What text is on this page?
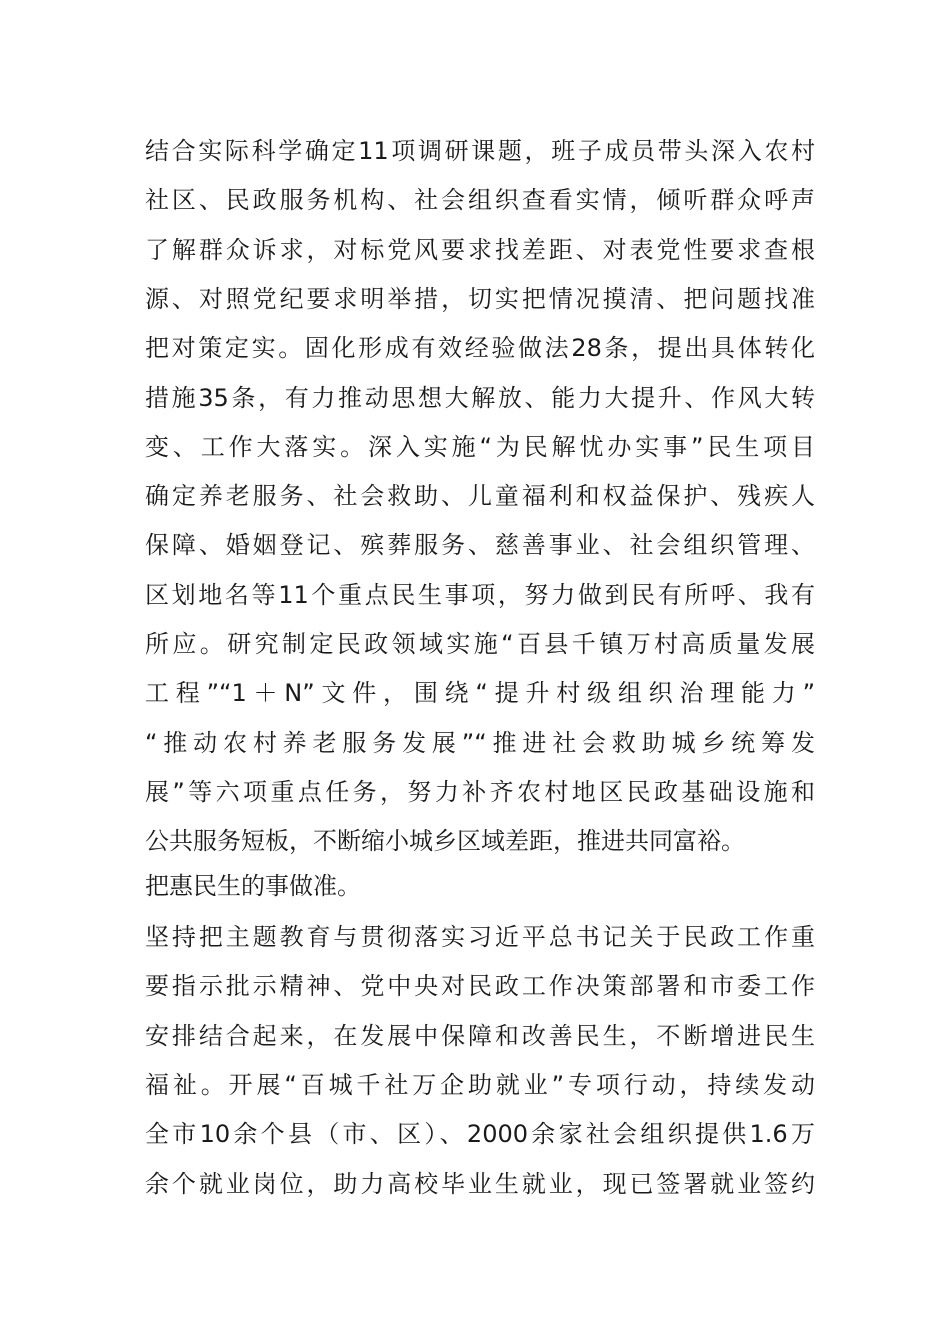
结合实际科学确定11项调研课题，班子成员带头深入农村
社区、民政服务机构、社会组织查看实情，倾听群众呼声
了解群众诉求，对标党风要求找差距、对表党性要求查根
源、对照党纪要求明举措，切实把情况摸清、把问题找准
把对策定实。固化形成有效经验做法28条，提出具体转化
措施35条，有力推动思想大解放、能力大提升、作风大转
变、工作大落实。深入实施“为民解忧办实事”民生项目
确定养老服务、社会救助、儿童福利和权益保护、残疾人
保障、婚姻登记、殡葬服务、慈善事业、社会组织管理、
区划地名等11个重点民生事项，努力做到民有所呼、我有
所应。研究制定民政领域实施“百县千镇万村高质量发展
工程”“1＋N”文件，围绕“提升村级组织治理能力”
“推动农村养老服务发展”“推进社会救助城乡统筹发
展”等六项重点任务，努力补齐农村地区民政基础设施和
公共服务短板，不断缩小城乡区域差距，推进共同富裕。
把惠民生的事做准。
坚持把主题教育与贯彻落实习近平总书记关于民政工作重
要指示批示精神、党中央对民政工作决策部署和市委工作
安排结合起来，在发展中保障和改善民生，不断增进民生
福祉。开展“百城千社万企助就业”专项行动，持续发动
全市10余个县（市、区）、2000余家社会组织提供1.6万
余个就业岗位，助力高校毕业生就业，现已签署就业签约
